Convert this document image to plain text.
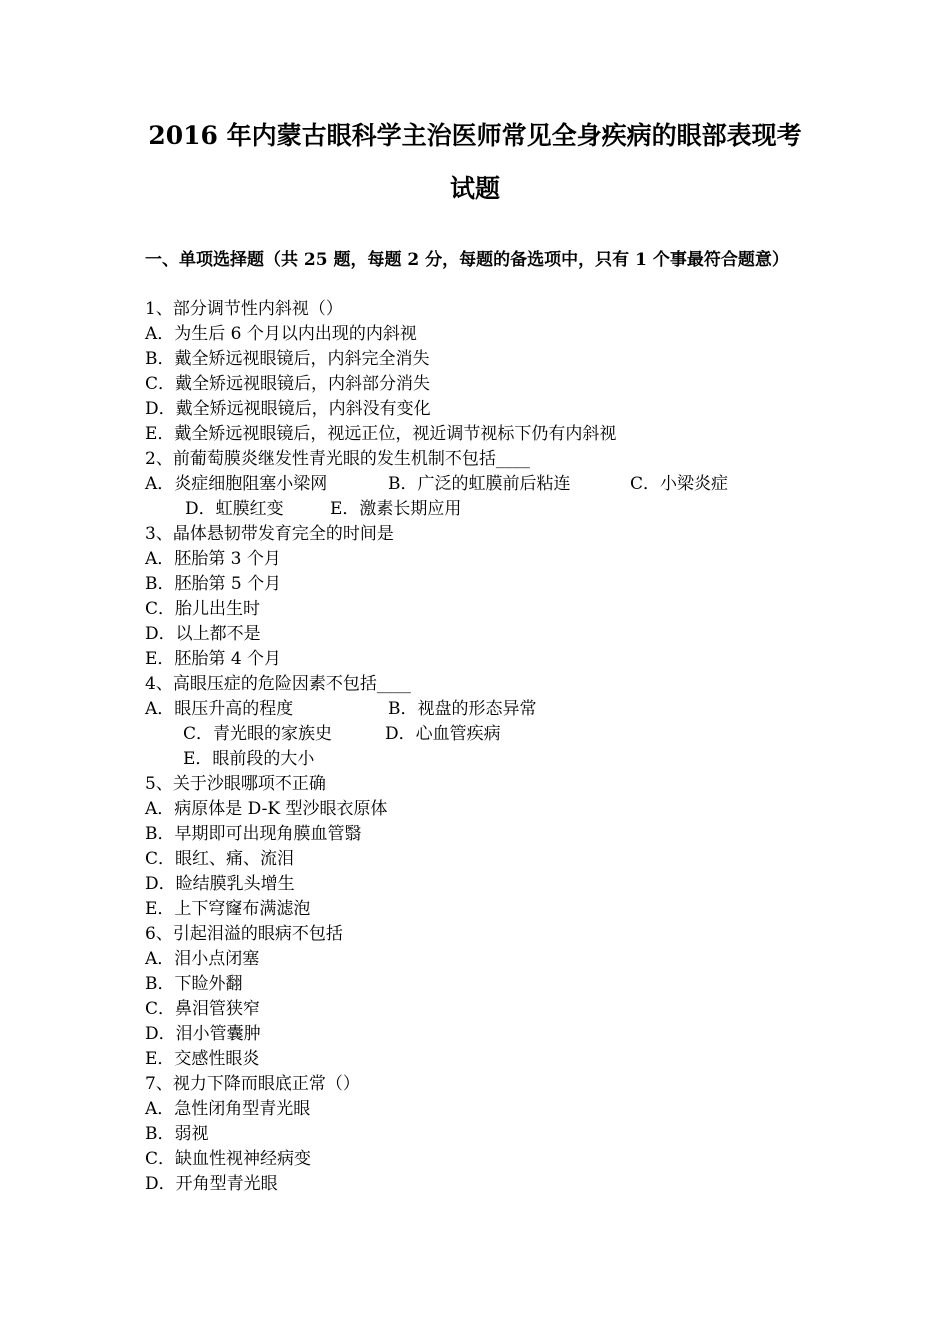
2016 年内蒙古眼科学主治医师常见全身疾病的眼部表现考
试题
一、单项选择题（共 25 题，每题 2 分，每题的备选项中，只有 1 个事最符合题意）
1、部分调节性内斜视（）
A．为生后 6 个月以内出现的内斜视
B．戴全矫远视眼镜后，内斜完全消失
C．戴全矫远视眼镜后，内斜部分消失
D．戴全矫远视眼镜后，内斜没有变化
E．戴全矫远视眼镜后，视远正位，视近调节视标下仍有内斜视
2、前葡萄膜炎继发性青光眼的发生机制不包括____
A．炎症细胞阻塞小梁网	B．广泛的虹膜前后粘连	C．小梁炎症
D．虹膜红变	E．激素长期应用
3、晶体悬韧带发育完全的时间是
A．胚胎第 3 个月
B．胚胎第 5 个月
C．胎儿出生时
D．以上都不是
E．胚胎第 4 个月
4、高眼压症的危险因素不包括____
A．眼压升高的程度	B．视盘的形态异常
C．青光眼的家族史	D．心血管疾病
E．眼前段的大小
5、关于沙眼哪项不正确
A．病原体是 D-K 型沙眼衣原体
B．早期即可出现角膜血管翳
C．眼红、痛、流泪
D．睑结膜乳头增生
E．上下穹窿布满滤泡
6、引起泪溢的眼病不包括
A．泪小点闭塞
B．下睑外翻
C．鼻泪管狭窄
D．泪小管囊肿
E．交感性眼炎
7、视力下降而眼底正常（）
A．急性闭角型青光眼
B．弱视
C．缺血性视神经病变
D．开角型青光眼
